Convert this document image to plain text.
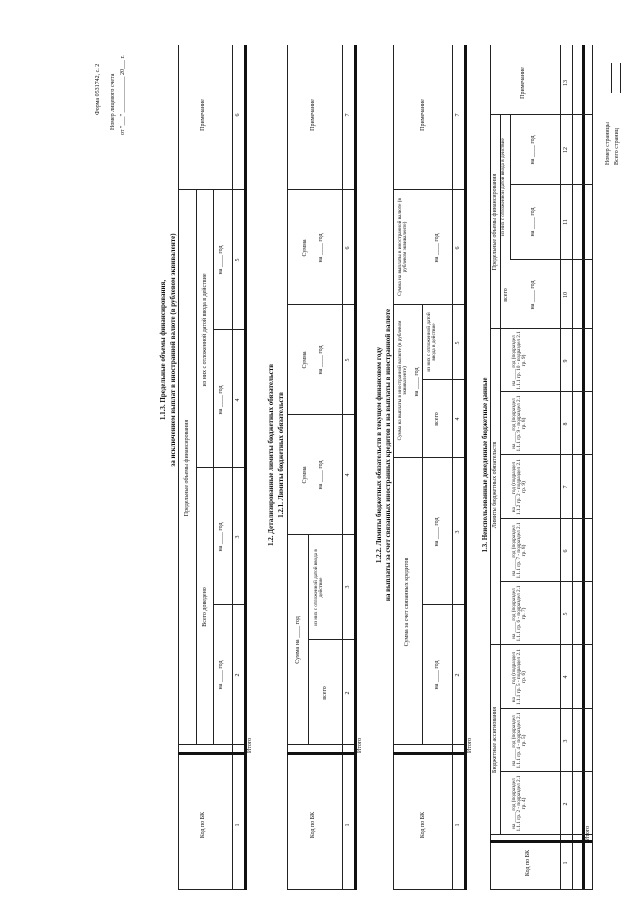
Форма 0531742, с. 2 Номер лицевого счета от "___" ____________ 20___ г.
1.1.3. Предельные объемы финансирования, за исключением выплат в иностранной валюте (в рублевом эквиваленте)
Код по БК
Предельные объемы финансирования
Всего доведено
из них с отложенной датой ввода в действие
на ____ год
на ____ год
на ____ год
на ____ год
Примечание
1
2
3
4
5
6
Итого
1.2. Детализированные лимиты бюджетных обязательств 1.2.1. Лимиты бюджетных обязательств
Код по БК
Сумма на ____ год
всего
из них с отложенной датой ввода в действие
Сумма на ____ год
Сумма на ____ год
Сумма на ____ год
Примечание
1
2
3
4
5
6
7
Итого
1.2.2. Лимиты бюджетных обязательств в текущем финансовом году на выплаты за счет связанных иностранных кредитов и на выплаты в иностранной валюте
Код по БК
Сумма за счет связанных кредитов
Сумма на выплаты в иностранной валюте (в рублевом эквиваленте) на ____ год
на ____ год
на ____ год
всего
из них с отложенной датой ввода в действие
Сумма на выплаты в иностранной валюте (в рублевом эквиваленте)	на ____ год
Примечание
1
2
3
4
5
6
7
Итого
1.3. Неиспользованные доведенные бюджетные данные
Код по БК
Бюджетные ассигнования
Лимиты бюджетных обязательств
Предельные объемы финансирования
на ____ год (подраздел 1.1.1 гр. 2 - подраздел 2.1 гр. 4)
на ____ год (подраздел 1.1.1 гр. 4 - подраздел 2.1 гр. 5)
на ____ год (подраздел 1.1.1 гр. 5 - подраздел 2.1 гр. 6)
на ____ год (подраздел 1.1.1 гр. 6 - подраздел 2.1 гр. 7)
на ____ год (подраздел 1.1.1 гр. 7 - подраздел 2.1 гр. 8)
на ____ год (подраздел 1.1.2 гр. 2 - подраздел 2.1 гр. 9)
на ____ год (подраздел 1.1.1 гр. 9 - подраздел 2.1 гр. 8)
на ____ год (подраздел 1.1.1 гр. 10 - подраздел 2.1 гр. 9)
всего
из них с отложенной датой ввода в действие
на ____ год
на ____ год
на ____ год
Примечание
1
2
3
4
5
6
7
8
9
10
11
12
13
Итого
Номер страницы Всего страниц
